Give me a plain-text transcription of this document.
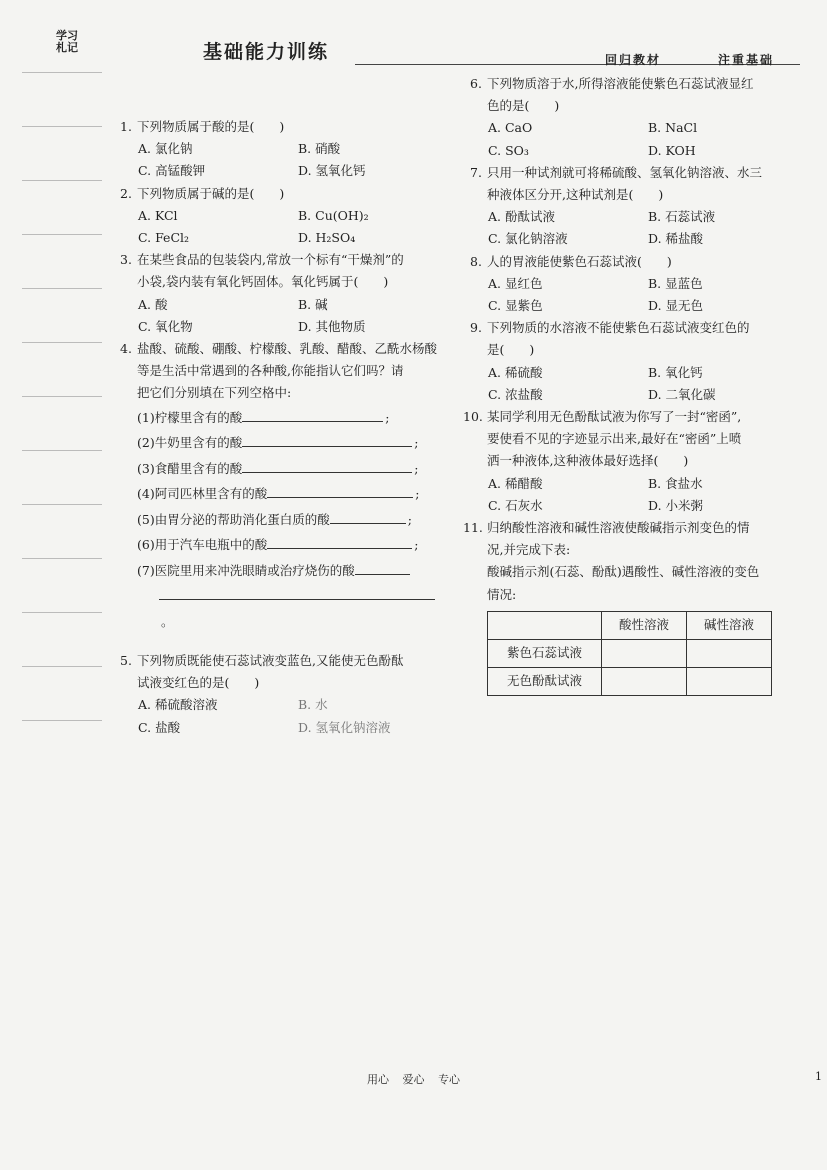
学习
札记	基础能力训练	回归教材	注重基础
1. 下列物质属于酸的是(　　)
A. 氯化钠	B. 硝酸
C. 高锰酸钾	D. 氢氧化钙
2. 下列物质属于碱的是(　　)
A. KCl	B. Cu(OH)₂
C. FeCl₂	D. H₂SO₄
3. 在某些食品的包装袋内,常放一个标有“干燥剂”的
小袋,袋内装有氧化钙固体。氧化钙属于(　　)
A. 酸	B. 碱
C. 氧化物	D. 其他物质
4. 盐酸、硫酸、硼酸、柠檬酸、乳酸、醋酸、乙酰水杨酸
等是生活中常遇到的各种酸,你能指认它们吗？请
把它们分别填在下列空格中:
(1)柠檬里含有的酸	;
(2)牛奶里含有的酸	;
(3)食醋里含有的酸	;
(4)阿司匹林里含有的酸	;
(5)由胃分泌的帮助消化蛋白质的酸	;
(6)用于汽车电瓶中的酸	;
(7)医院里用来冲洗眼睛或治疗烧伤的酸
。
5. 下列物质既能使石蕊试液变蓝色,又能使无色酚酞
试液变红色的是(　　)
A. 稀硫酸溶液	B. 水
C. 盐酸	D. 氢氧化钠溶液
6. 下列物质溶于水,所得溶液能使紫色石蕊试液显红
色的是(　　)
A. CaO	B. NaCl
C. SO₃	D. KOH
7. 只用一种试剂就可将稀硫酸、氢氧化钠溶液、水三
种液体区分开,这种试剂是(　　)
A. 酚酞试液	B. 石蕊试液
C. 氯化钠溶液	D. 稀盐酸
8. 人的胃液能使紫色石蕊试液(　　)
A. 显红色	B. 显蓝色
C. 显紫色	D. 显无色
9. 下列物质的水溶液不能使紫色石蕊试液变红色的
是(　　)
A. 稀硫酸	B. 氧化钙
C. 浓盐酸	D. 二氧化碳
10. 某同学利用无色酚酞试液为你写了一封“密函”,
要使看不见的字迹显示出来,最好在“密函”上喷
洒一种液体,这种液体最好选择(　　)
A. 稀醋酸	B. 食盐水
C. 石灰水	D. 小米粥
11. 归纳酸性溶液和碱性溶液使酸碱指示剂变色的情
况,并完成下表:
酸碱指示剂(石蕊、酚酞)遇酸性、碱性溶液的变色
情况:
	酸性溶液	碱性溶液
紫色石蕊试液		
无色酚酞试液		
用心 爱心 专心	1
